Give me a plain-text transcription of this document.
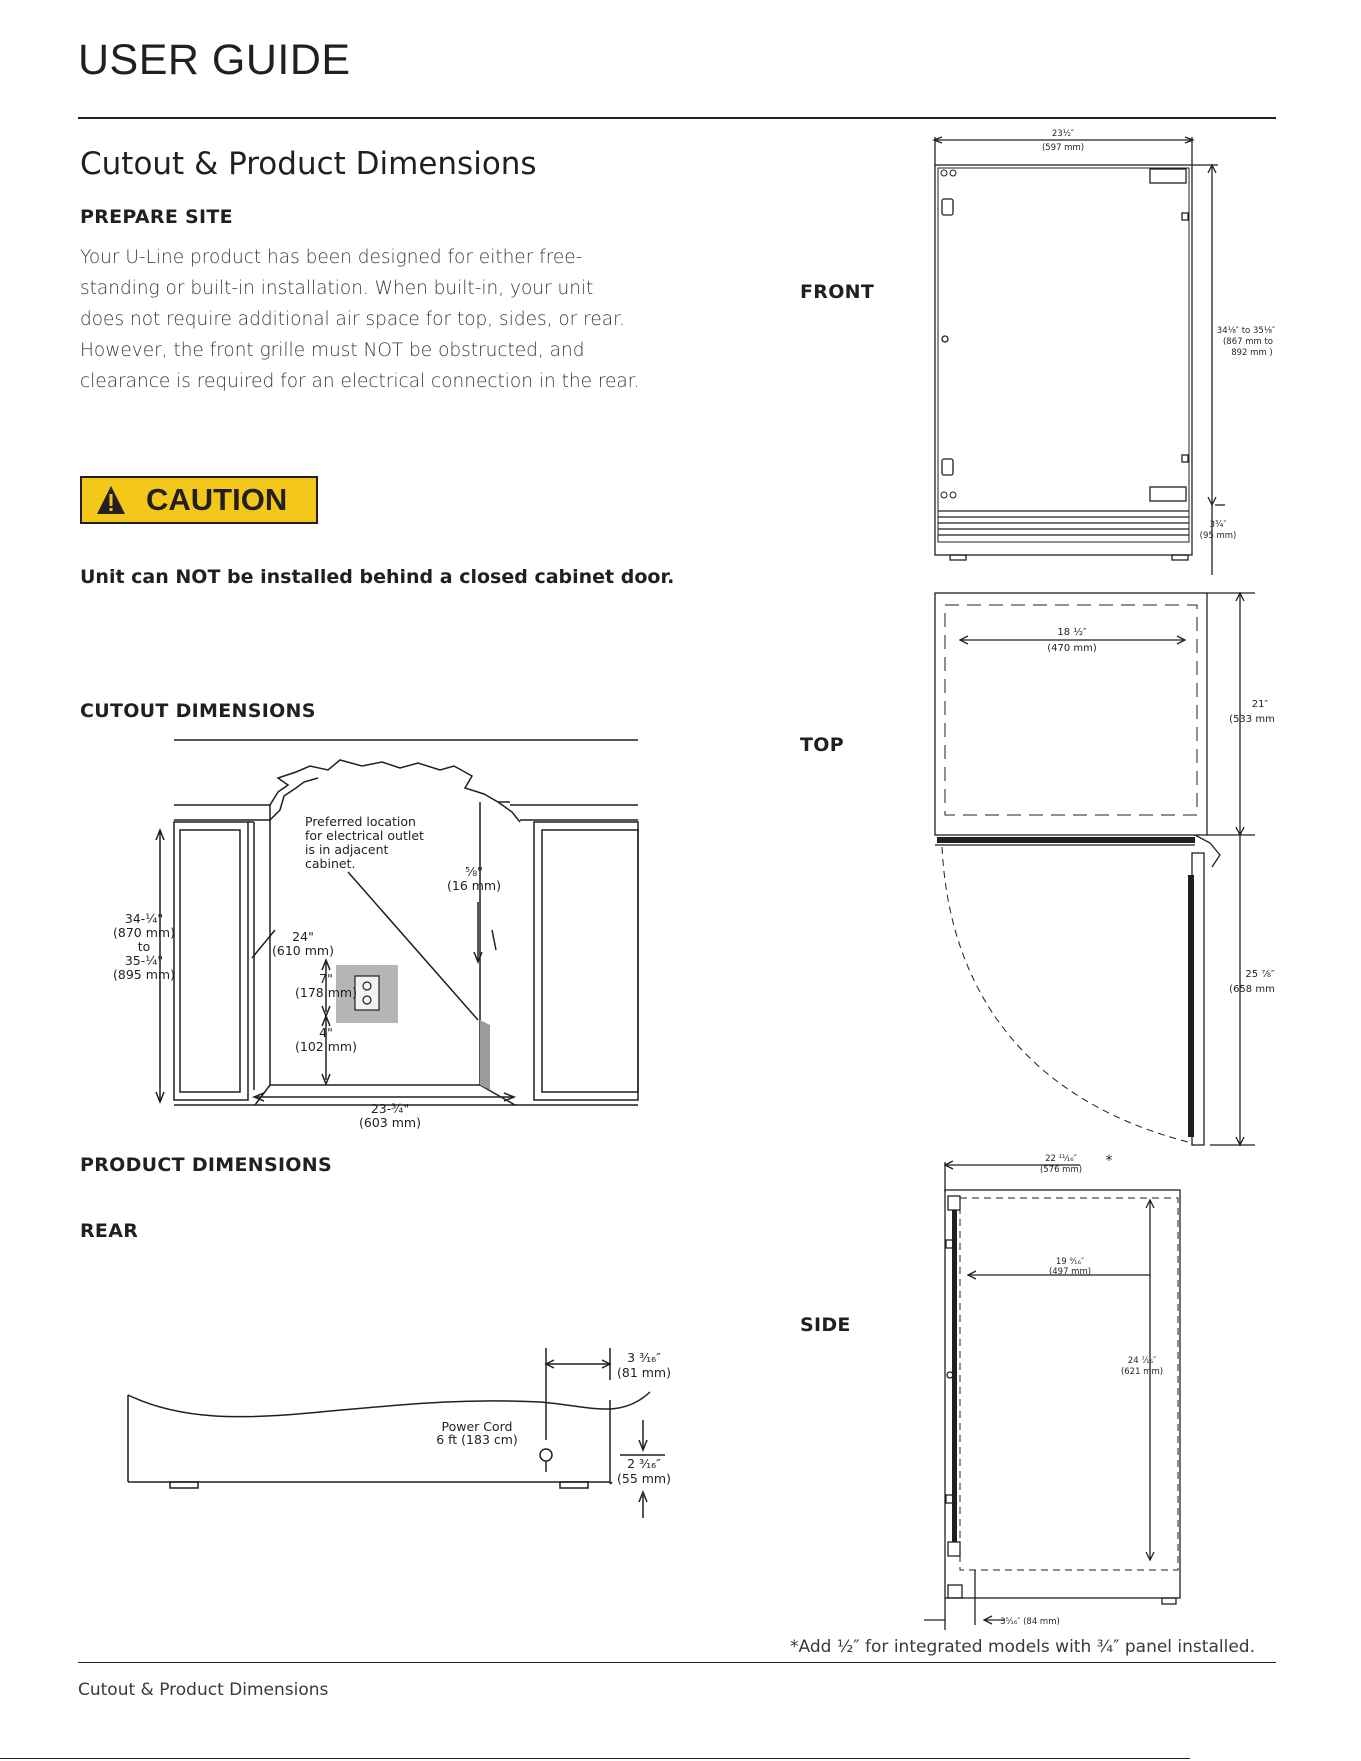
USER GUIDE
Cutout & Product Dimensions
PREPARE SITE
Your U-Line product has been designed for either free-standing or built-in installation. When built-in, your unit does not require additional air space for top, sides, or rear. However, the front grille must NOT be obstructed, and clearance is required for an electrical connection in the rear.
CAUTION
Unit can NOT be installed behind a closed cabinet door.
CUTOUT DIMENSIONS
Preferred location
for electrical outlet
is in adjacent
cabinet.
34-¼"
(870 mm)
to
35-¼"
(895 mm)
24"
(610 mm)
⅝"
(16 mm)
7"
(178 mm)
4"
(102 mm)
23-¾"
(603 mm)
PRODUCT DIMENSIONS
REAR
Power Cord
6 ft (183 cm)
3 ³⁄₁₆″
(81 mm)
2 ³⁄₁₆″
(55 mm)
FRONT
TOP
SIDE
23½″
(597 mm)
34⅛″ to 35⅛″
(867 mm to
892 mm )
3¾″
(95 mm)
18 ½″
(470 mm)
21″
(533 mm
25 ⅞″
(658 mm
22 ¹¹⁄₁₆″
(576 mm)
19 ⁹⁄₁₆″
(497 mm)
24 ⁷⁄₁₆″
(621 mm)
3⁵⁄₁₆″ (84 mm)
*
*Add ½″ for integrated models with ¾″ panel installed.
Cutout & Product Dimensions
